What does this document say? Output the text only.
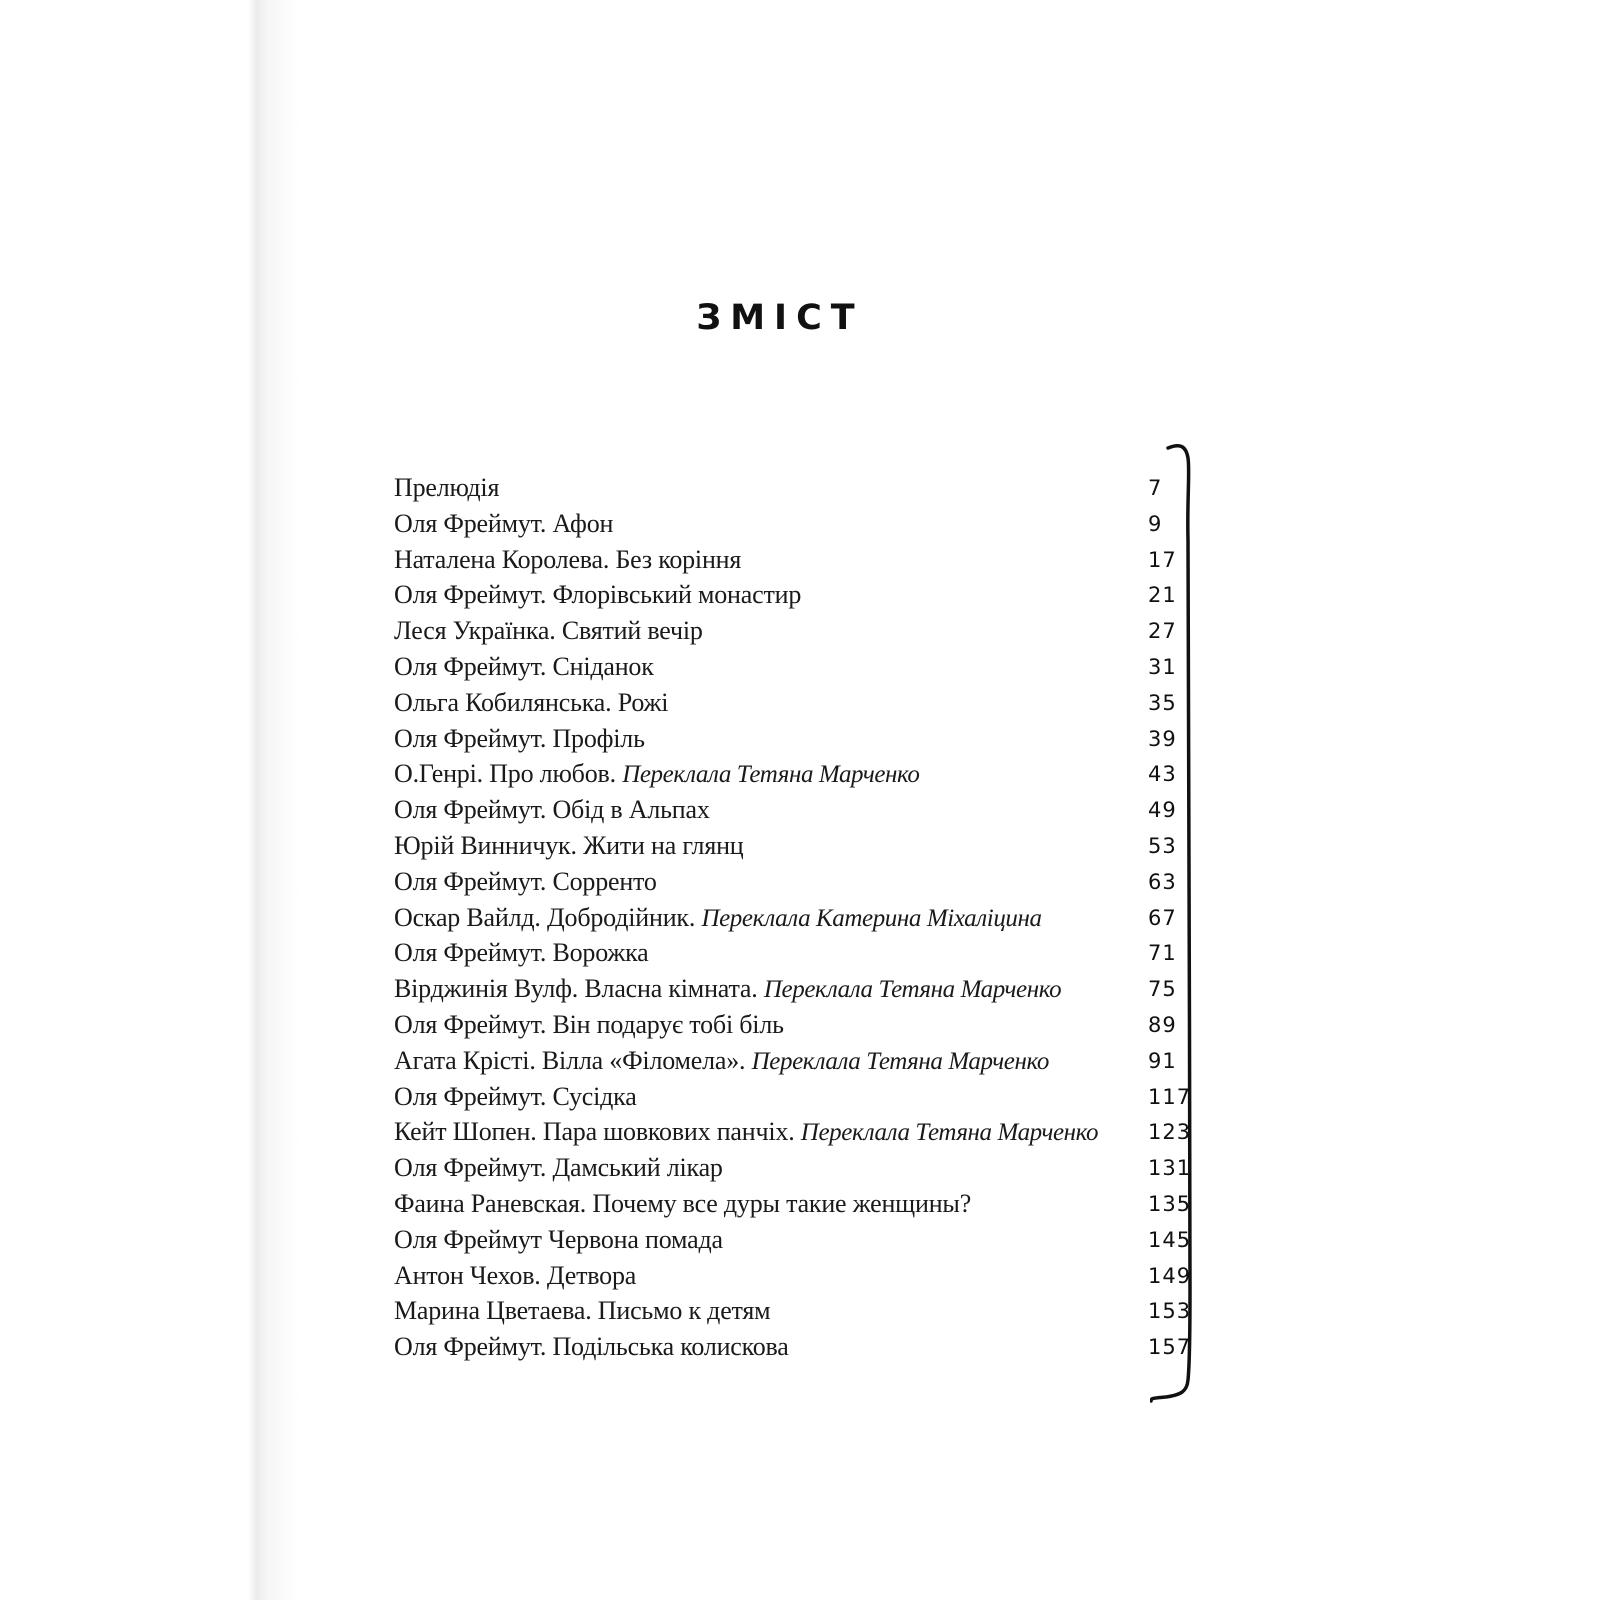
ЗМІСТ
Прелюдія	7
Оля Фреймут. Афон	9
Наталена Королева. Без коріння	17
Оля Фреймут. Флорівський монастир	21
Леся Українка. Святий вечір	27
Оля Фреймут. Сніданок	31
Ольга Кобилянська. Рожі	35
Оля Фреймут. Профіль	39
О.Генрі. Про любов. Переклала Тетяна Марченко	43
Оля Фреймут. Обід в Альпах	49
Юрій Винничук. Жити на глянц	53
Оля Фреймут. Сорренто	63
Оскар Вайлд. Добродійник. Переклала Катерина Міхаліцина	67
Оля Фреймут. Ворожка	71
Вірджинія Вулф. Власна кімната. Переклала Тетяна Марченко	75
Оля Фреймут. Він подарує тобі біль	89
Агата Крісті. Вілла «Філомела». Переклала Тетяна Марченко	91
Оля Фреймут. Сусідка	117
Кейт Шопен. Пара шовкових панчіх. Переклала Тетяна Марченко 123
Оля Фреймут. Дамський лікар	131
Фаина Раневская. Почему все дуры такие женщины?	135
Оля Фреймут Червона помада	145
Антон Чехов. Детвора	149
Марина Цветаева. Письмо к детям	153
Оля Фреймут. Подільська колискова	157
